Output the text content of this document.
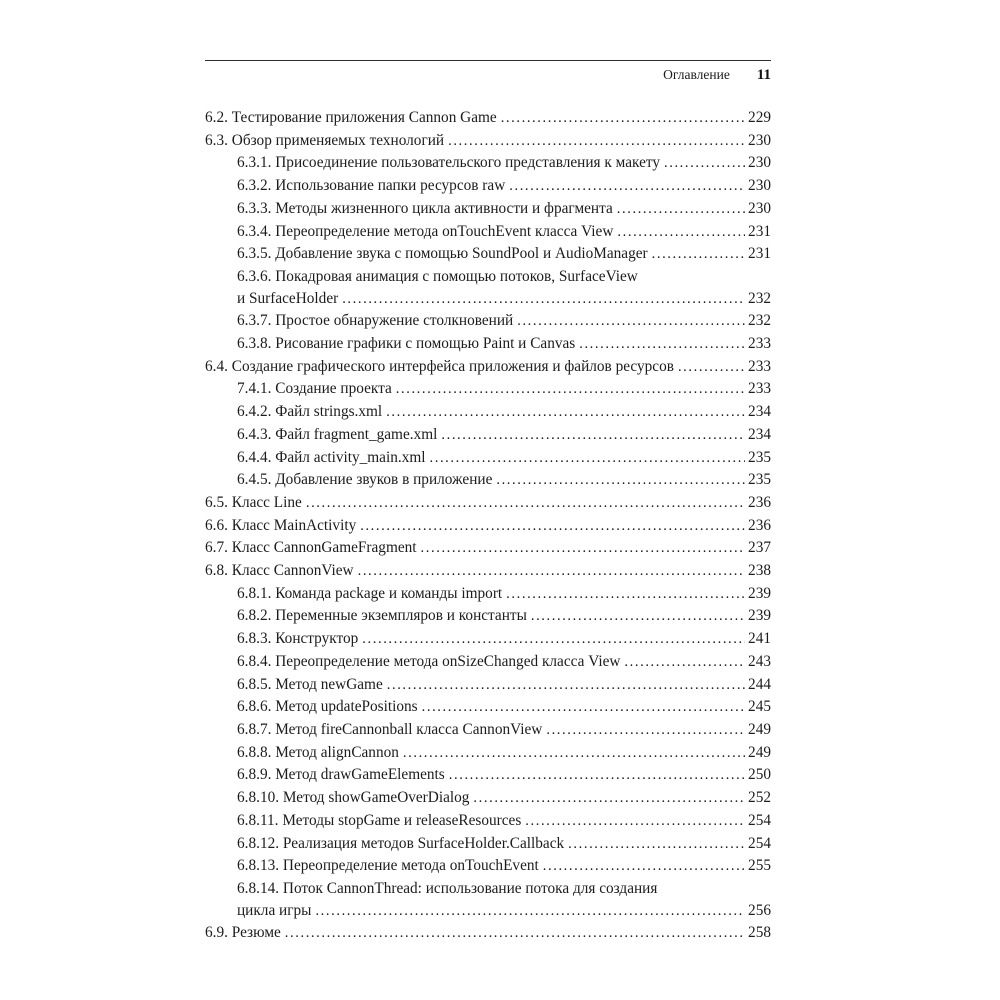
Оглавление 11
6.2. Тестирование приложения Cannon Game .....	229
6.3. Обзор применяемых технологий .....	230
6.3.1. Присоединение пользовательского представления к макету .....	230
6.3.2. Использование папки ресурсов raw .....	230
6.3.3. Методы жизненного цикла активности и фрагмента .....	230
6.3.4. Переопределение метода onTouchEvent класса View .....	231
6.3.5. Добавление звука с помощью SoundPool и AudioManager .....	231
6.3.6. Покадровая анимация с помощью потоков, SurfaceView
и SurfaceHolder .....	232
6.3.7. Простое обнаружение столкновений .....	232
6.3.8. Рисование графики с помощью Paint и Canvas .....	233
6.4. Создание графического интерфейса приложения и файлов ресурсов .....	233
7.4.1. Создание проекта .....	233
6.4.2. Файл strings.xml .....	234
6.4.3. Файл fragment_game.xml .....	234
6.4.4. Файл activity_main.xml .....	235
6.4.5. Добавление звуков в приложение .....	235
6.5. Класс Line .....	236
6.6. Класс MainActivity .....	236
6.7. Класс CannonGameFragment .....	237
6.8. Класс CannonView .....	238
6.8.1. Команда package и команды import .....	239
6.8.2. Переменные экземпляров и константы .....	239
6.8.3. Конструктор .....	241
6.8.4. Переопределение метода onSizeChanged класса View .....	243
6.8.5. Метод newGame .....	244
6.8.6. Метод updatePositions .....	245
6.8.7. Метод fireCannonball класса CannonView .....	249
6.8.8. Метод alignCannon .....	249
6.8.9. Метод drawGameElements .....	250
6.8.10. Метод showGameOverDialog .....	252
6.8.11. Методы stopGame и releaseResources .....	254
6.8.12. Реализация методов SurfaceHolder.Callback .....	254
6.8.13. Переопределение метода onTouchEvent .....	255
6.8.14. Поток CannonThread: использование потока для создания
цикла игры .....	256
6.9. Резюме .....	258
